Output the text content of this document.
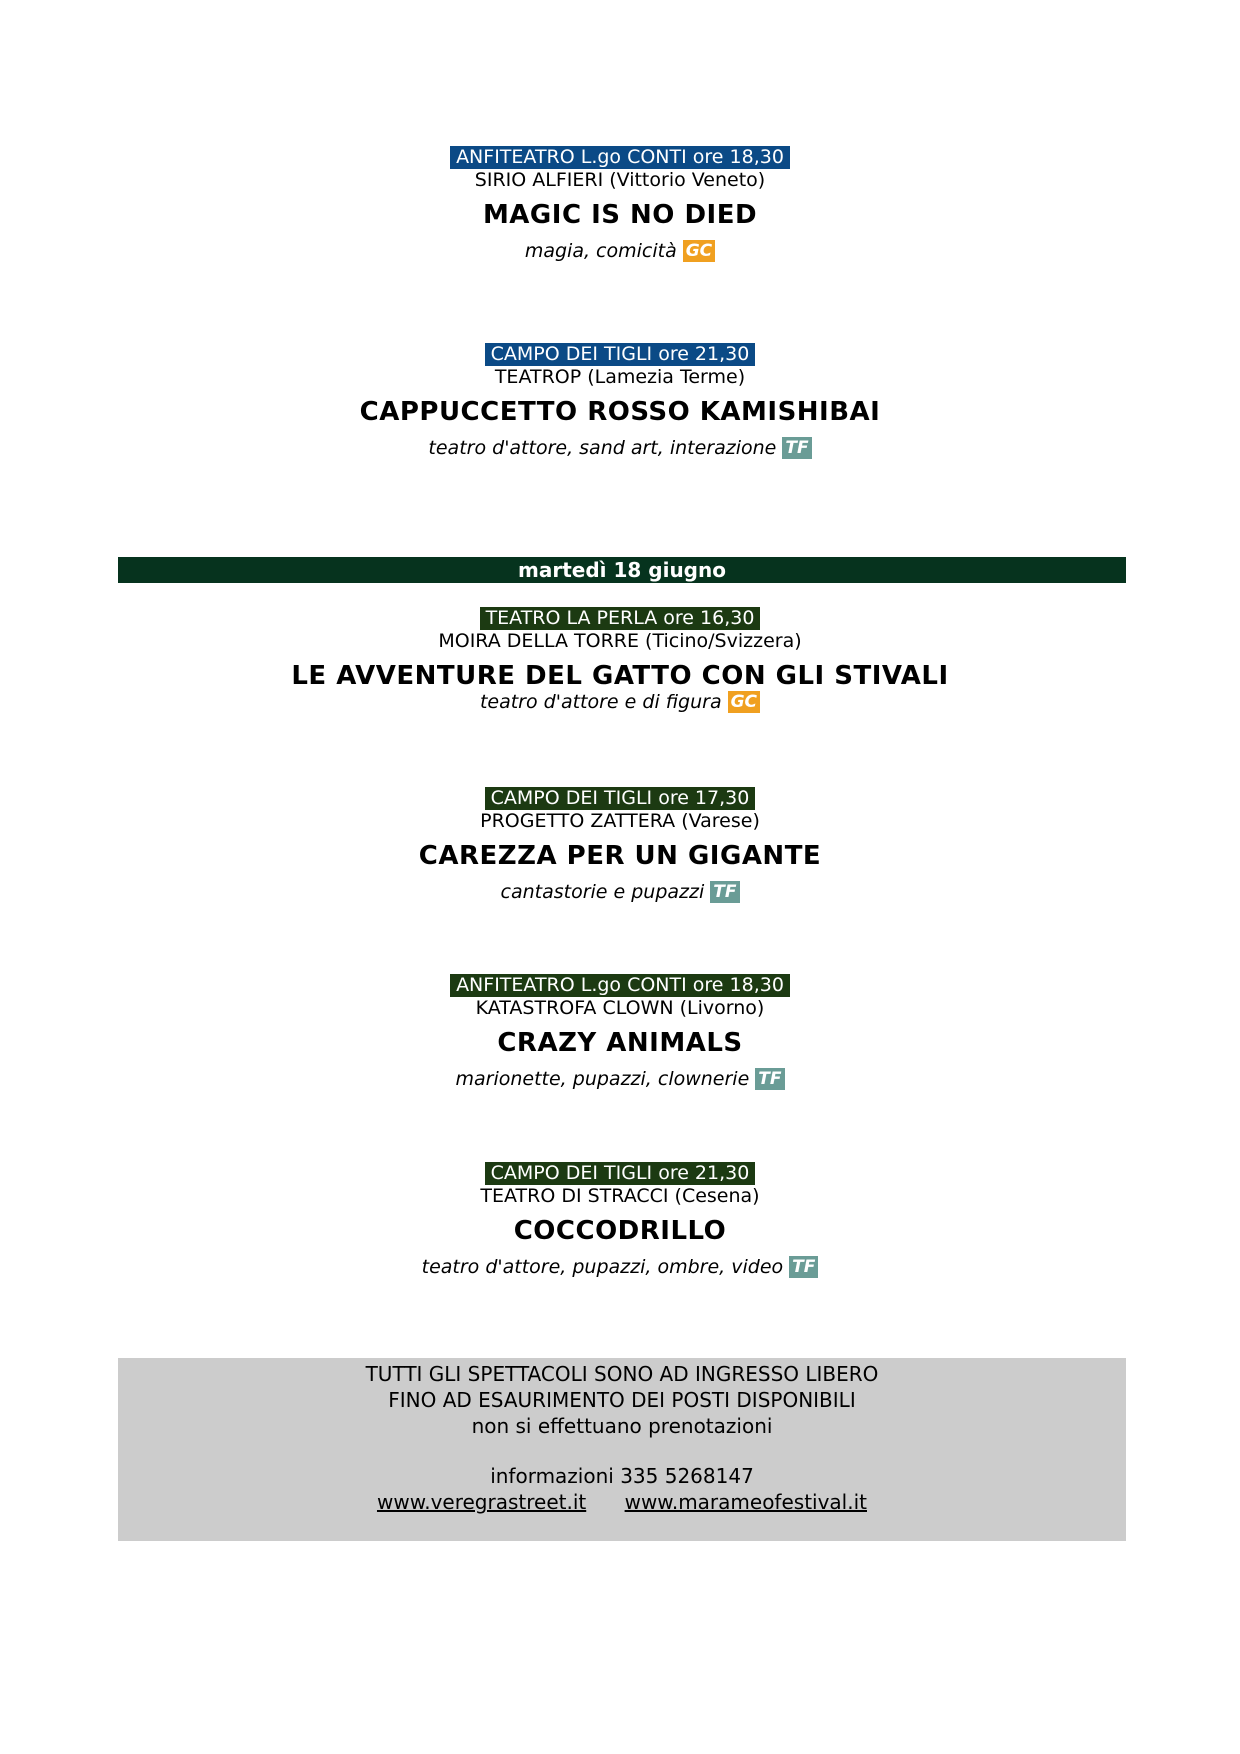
ANFITEATRO L.go CONTI ore 18,30
SIRIO ALFIERI (Vittorio Veneto)
MAGIC IS NO DIED
magia, comicità GC
CAMPO DEI TIGLI ore 21,30
TEATROP (Lamezia Terme)
CAPPUCCETTO ROSSO KAMISHIBAI
teatro d'attore, sand art, interazione TF
martedì 18 giugno
TEATRO LA PERLA ore 16,30
MOIRA DELLA TORRE (Ticino/Svizzera)
LE AVVENTURE DEL GATTO CON GLI STIVALI
teatro d'attore e di figura GC
CAMPO DEI TIGLI ore 17,30
PROGETTO ZATTERA (Varese)
CAREZZA PER UN GIGANTE
cantastorie e pupazzi TF
ANFITEATRO L.go CONTI ore 18,30
KATASTROFA CLOWN (Livorno)
CRAZY ANIMALS
marionette, pupazzi, clownerie TF
CAMPO DEI TIGLI ore 21,30
TEATRO DI STRACCI (Cesena)
COCCODRILLO
teatro d'attore, pupazzi, ombre, video TF
TUTTI GLI SPETTACOLI SONO AD INGRESSO LIBERO
FINO AD ESAURIMENTO DEI POSTI DISPONIBILI
non si effettuano prenotazioni
informazioni 335 5268147
www.veregrastreet.it www.marameofestival.it
